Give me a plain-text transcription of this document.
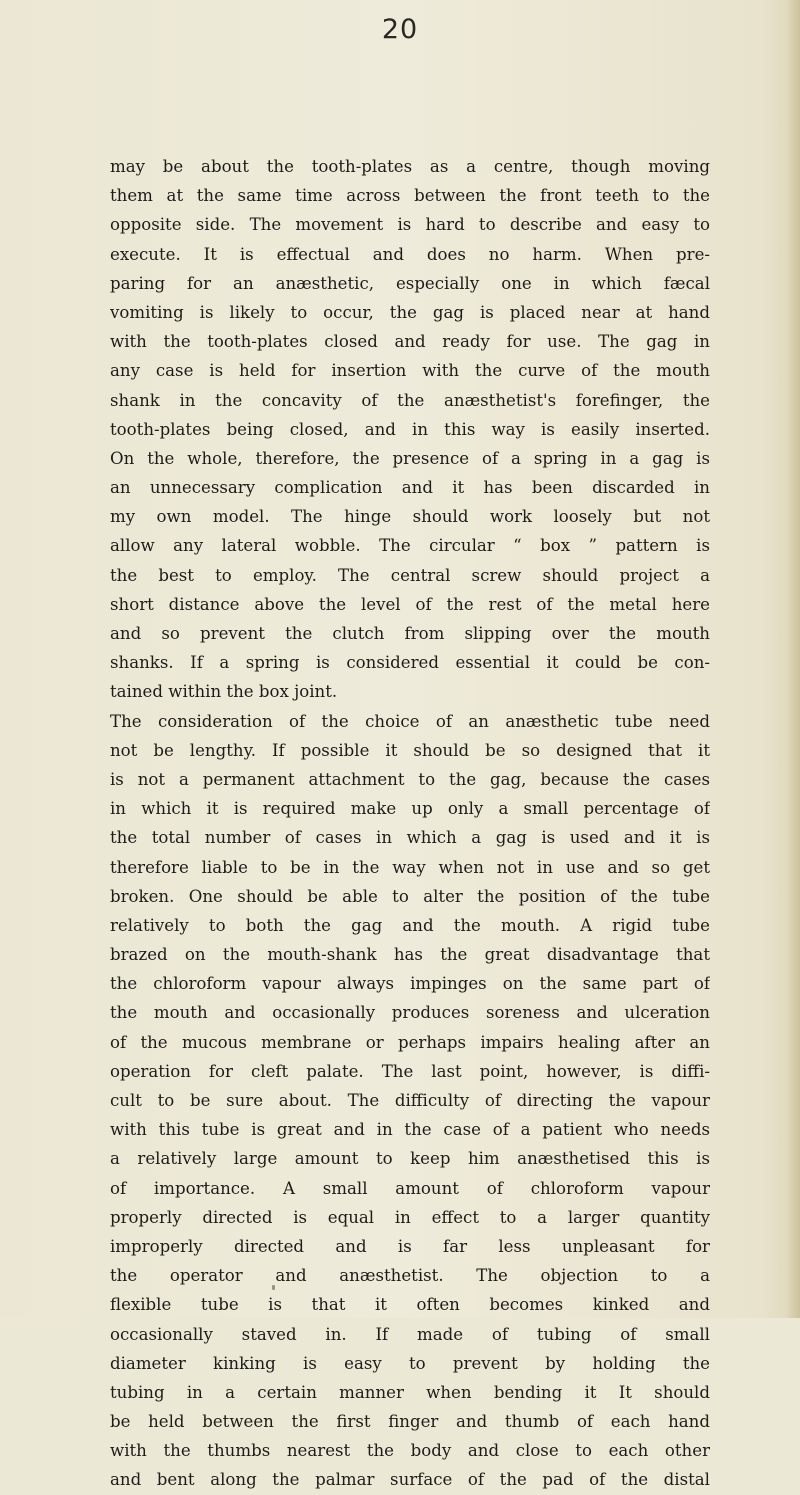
20
may be about the tooth-plates as a centre, though moving
them at the same time across between the front teeth to the
opposite side. The movement is hard to describe and easy to
execute. It is effectual and does no harm. When pre-
paring for an anæsthetic, especially one in which fæcal
vomiting is likely to occur, the gag is placed near at hand
with the tooth-plates closed and ready for use. The gag in
any case is held for insertion with the curve of the mouth
shank in the concavity of the anæsthetist's forefinger, the
tooth-plates being closed, and in this way is easily inserted.
On the whole, therefore, the presence of a spring in a gag is
an unnecessary complication and it has been discarded in
my own model. The hinge should work loosely but not
allow any lateral wobble. The circular “ box ” pattern is
the best to employ. The central screw should project a
short distance above the level of the rest of the metal here
and so prevent the clutch from slipping over the mouth
shanks. If a spring is considered essential it could be con-
tained within the box joint.
The consideration of the choice of an anæsthetic tube need
not be lengthy. If possible it should be so designed that it
is not a permanent attachment to the gag, because the cases
in which it is required make up only a small percentage of
the total number of cases in which a gag is used and it is
therefore liable to be in the way when not in use and so get
broken. One should be able to alter the position of the tube
relatively to both the gag and the mouth. A rigid tube
brazed on the mouth-shank has the great disadvantage that
the chloroform vapour always impinges on the same part of
the mouth and occasionally produces soreness and ulceration
of the mucous membrane or perhaps impairs healing after an
operation for cleft palate. The last point, however, is diffi-
cult to be sure about. The difficulty of directing the vapour
with this tube is great and in the case of a patient who needs
a relatively large amount to keep him anæsthetised this is
of importance. A small amount of chloroform vapour
properly directed is equal in effect to a larger quantity
improperly directed and is far less unpleasant for
the operator and anæsthetist. The objection to a
flexible tube is that it often becomes kinked and
occasionally staved in. If made of tubing of small
diameter kinking is easy to prevent by holding the
tubing in a certain manner when bending it It should
be held between the first finger and thumb of each hand
with the thumbs nearest the body and close to each other
and bent along the palmar surface of the pad of the distal
